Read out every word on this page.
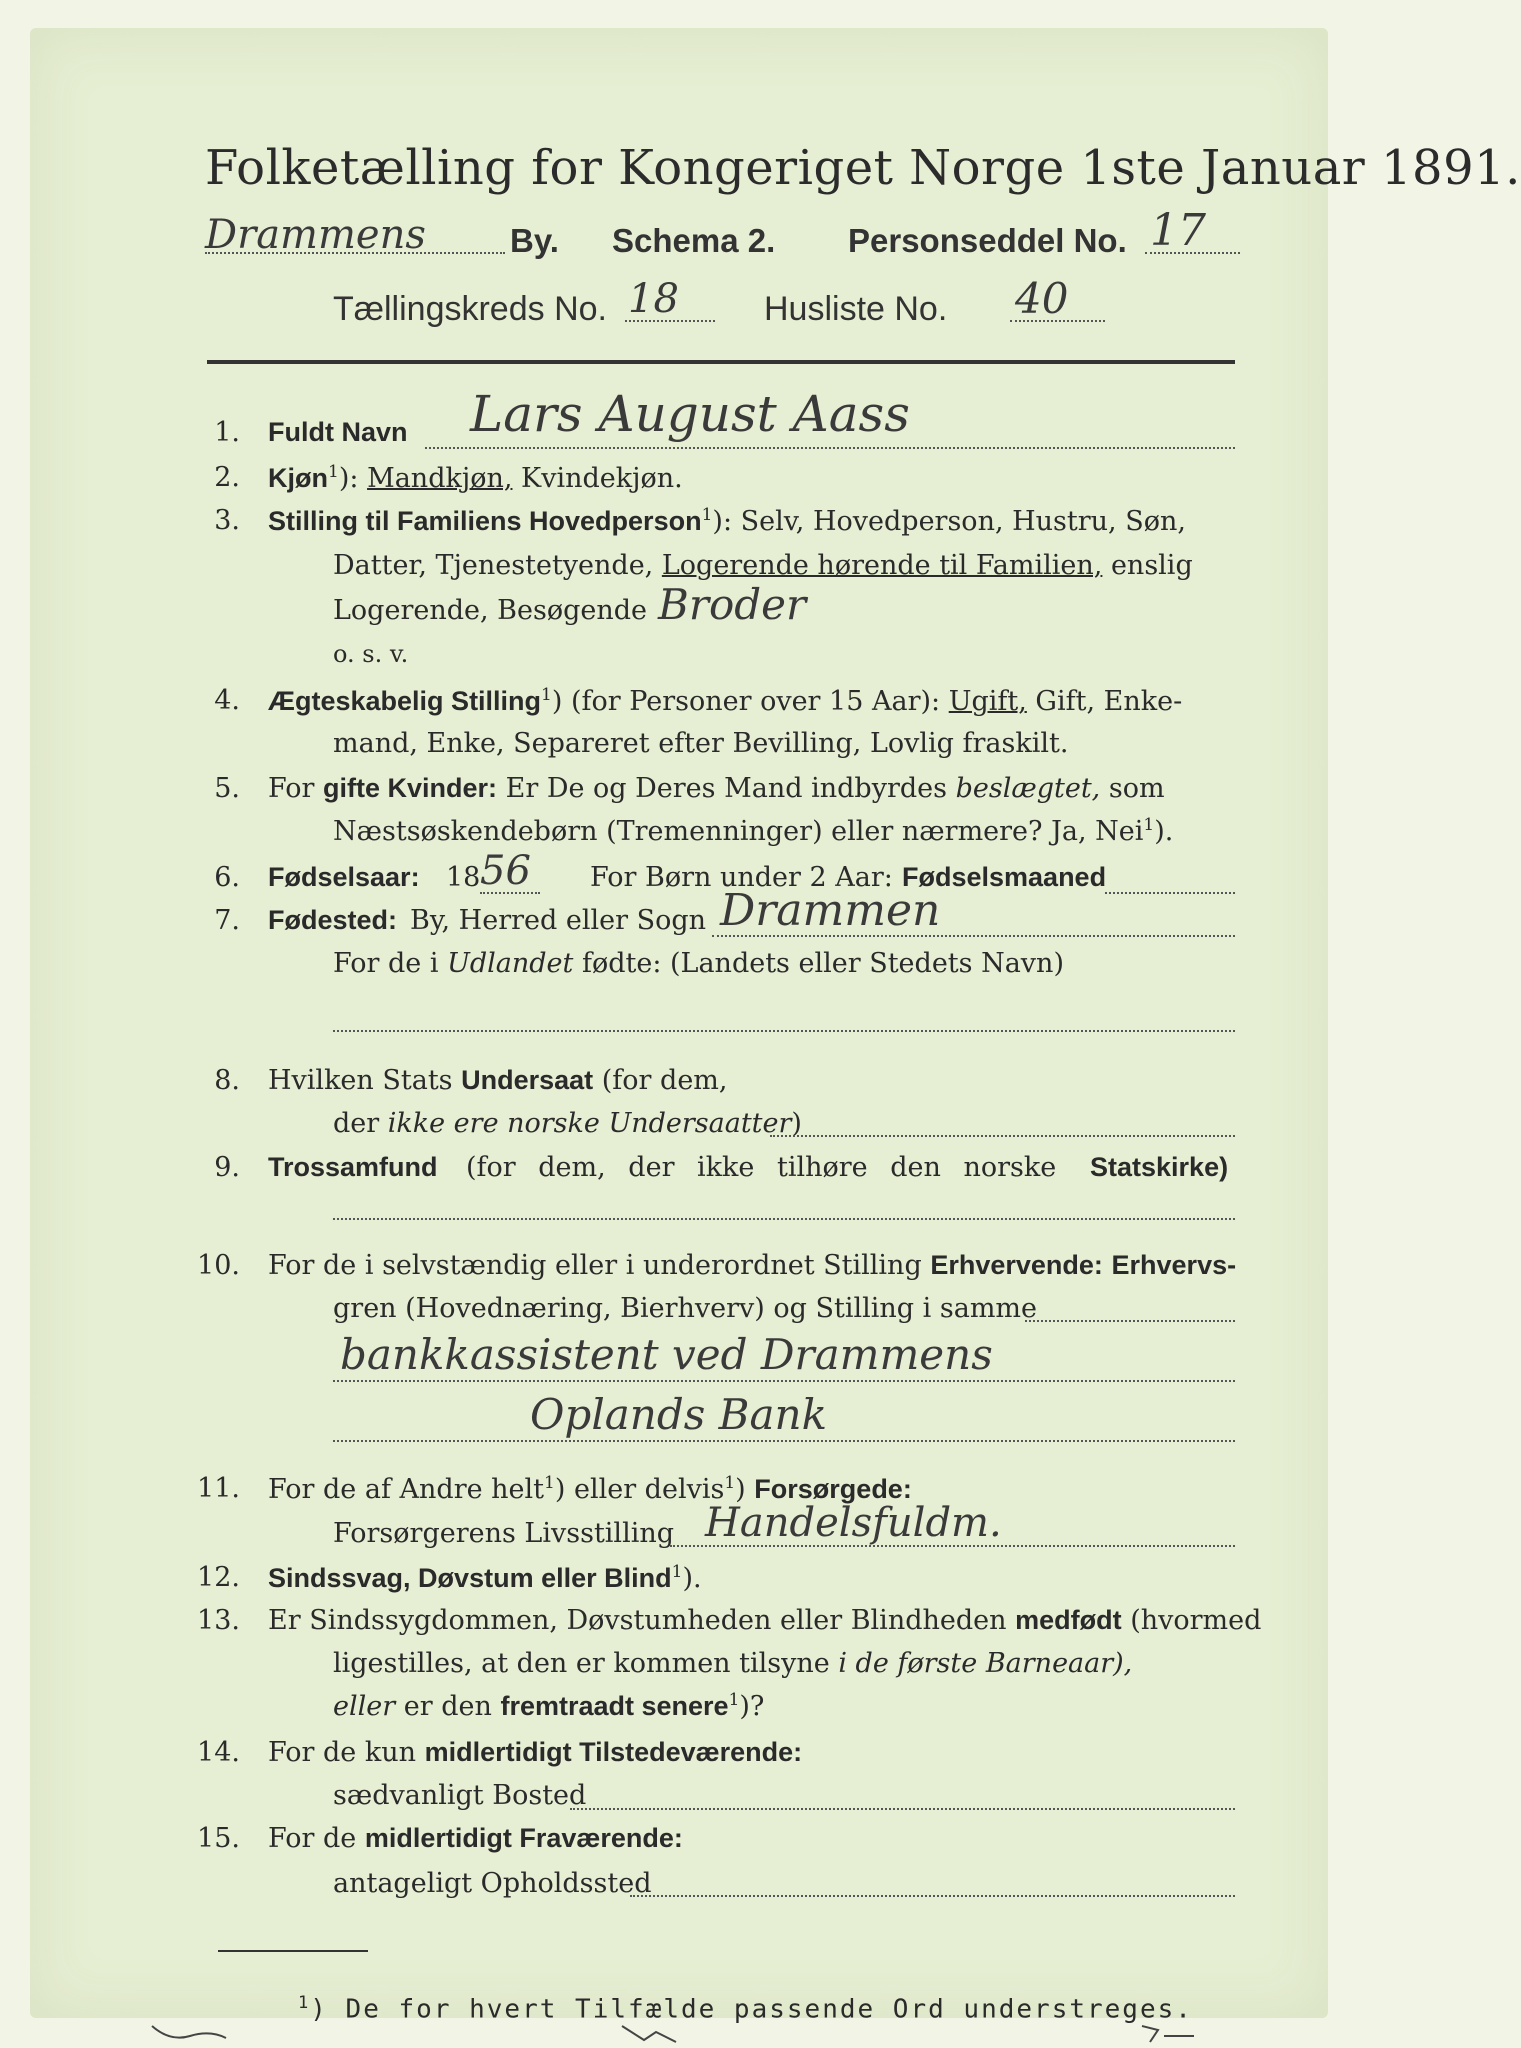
Folketælling for Kongeriget Norge 1ste Januar 1891.
Drammens	By. Schema 2. Personseddel No. 17
Tællingskreds No. 18	Husliste No. 40
1. Fuldt Navn Lars August Aass
2. Kjøn$^1$): Mandkjøn, Kvindekjøn.
3. Stilling til Familiens Hovedperson$^1$): Selv, Hovedperson, Hustru, Søn,
Datter, Tjenestetyende, Logerende hørende til Familien, enslig
Logerende, Besøgende Broder
o. s. v.
4. Ægteskabelig Stilling$^1$) (for Personer over 15 Aar): Ugift, Gift, Enke-
mand, Enke, Separeret efter Bevilling, Lovlig fraskilt.
5. For gifte Kvinder: Er De og Deres Mand indbyrdes beslægtet, som
Næstsøskendebørn (Tremenninger) eller nærmere? Ja, Nei$^1$).
6. Fødselsaar: 18 56 For Børn under 2 Aar: Fødselsmaaned
7. Fødested: By, Herred eller Sogn Drammen
For de i Udlandet fødte: (Landets eller Stedets Navn)
8. Hvilken Stats Undersaat (for dem,
der ikke ere norske Undersaatter)
9. Trossamfund (for dem, der ikke tilhøre den norske Statskirke)
10. For de i selvstændig eller i underordnet Stilling Erhvervende: Erhvervs-
gren (Hovednæring, Bierhverv) og Stilling i samme
bankkassistent ved Drammens
Oplands Bank
11. For de af Andre helt$^1$) eller delvis$^1$) Forsørgede:
Forsørgerens Livsstilling Handelsfuldm.
12. Sindssvag, Døvstum eller Blind$^1$).
13. Er Sindssygdommen, Døvstumheden eller Blindheden medfødt (hvormed
ligestilles, at den er kommen tilsyne i de første Barneaar),
eller er den fremtraadt senere$^1$)?
14. For de kun midlertidigt Tilstedeværende:
sædvanligt Bosted
15. For de midlertidigt Fraværende:
antageligt Opholdssted
$^1$) De for hvert Tilfælde passende Ord understreges.
